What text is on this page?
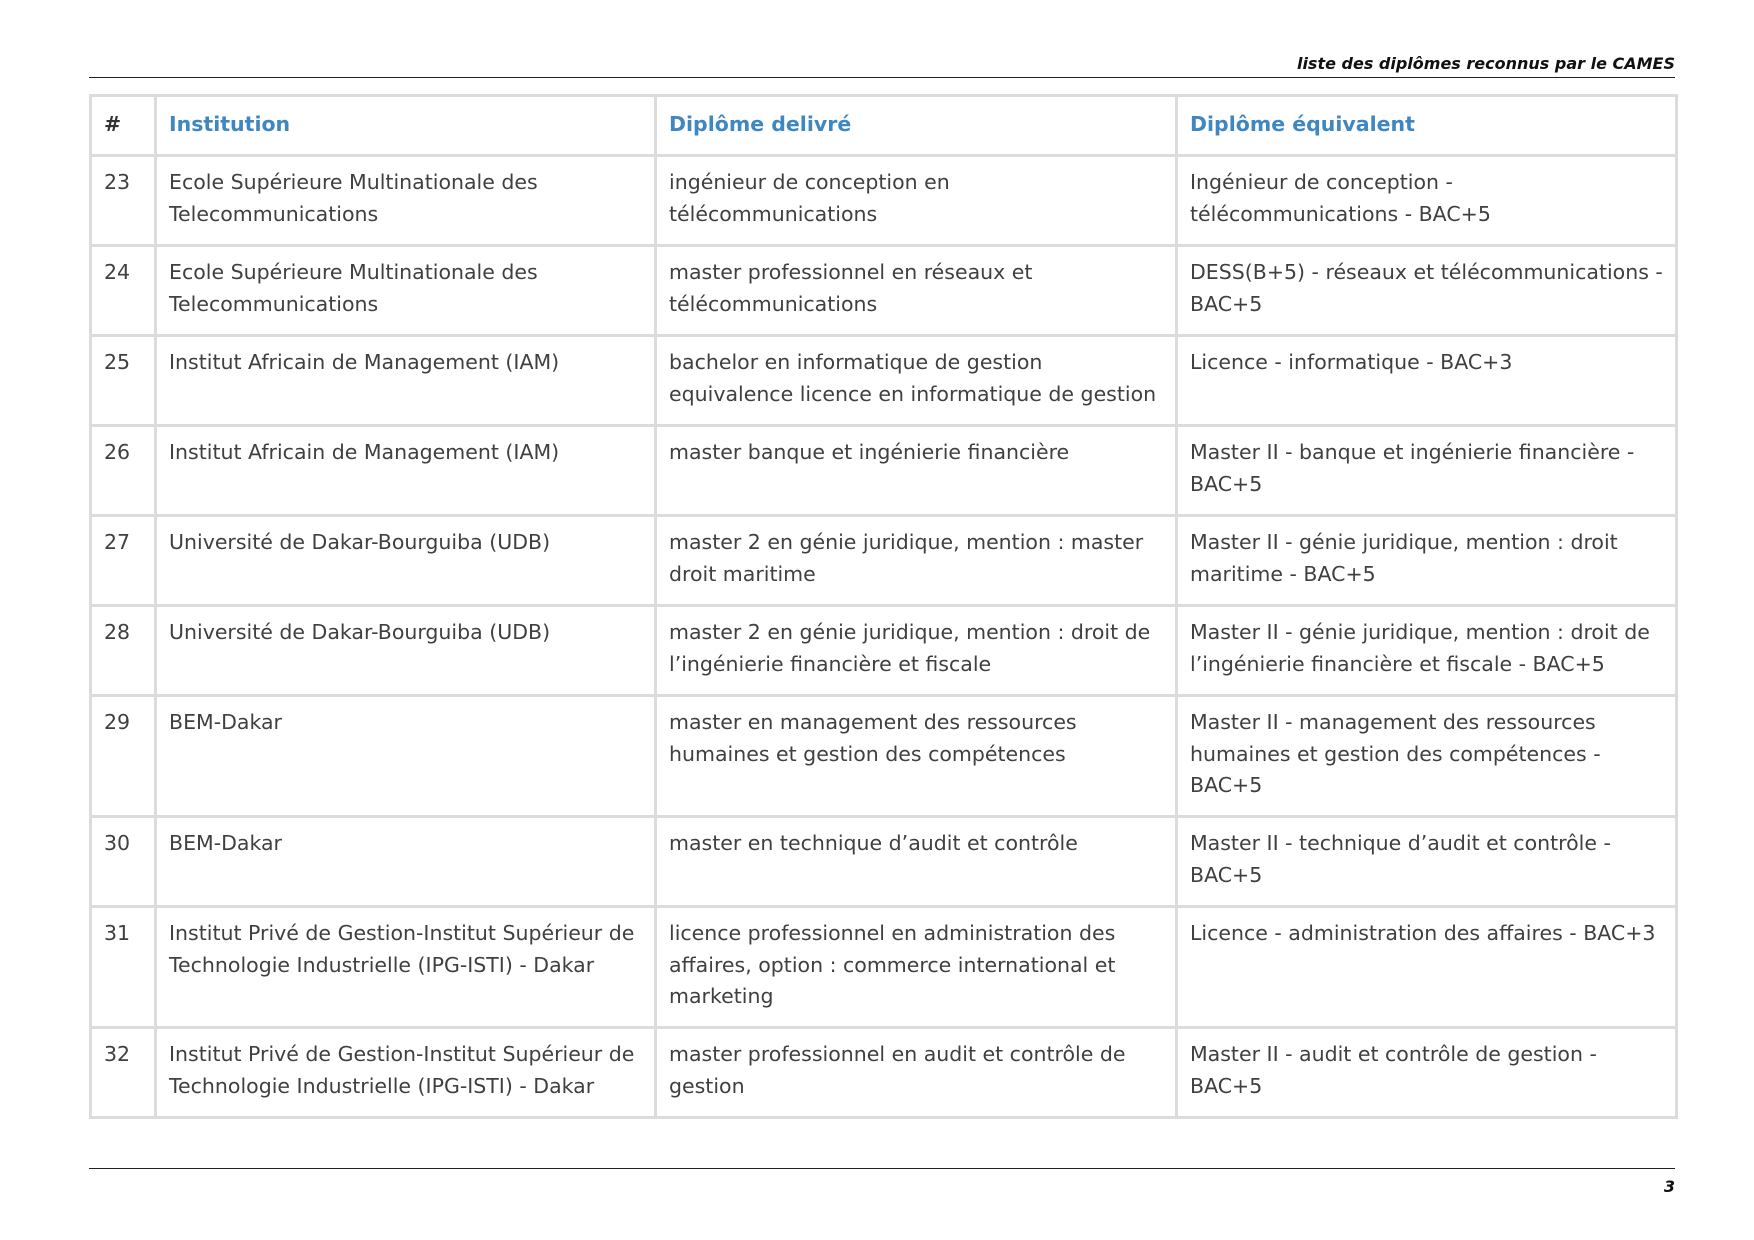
liste des diplômes reconnus par le CAMES
#	Institution	Diplôme delivré	Diplôme équivalent
23	Ecole Supérieure Multinationale des Telecommunications	ingénieur de conception en télécommunications	Ingénieur de conception - télécommunications - BAC+5
24	Ecole Supérieure Multinationale des Telecommunications	master professionnel en réseaux et télécommunications	DESS(B+5) - réseaux et télécommunications - BAC+5
25	Institut Africain de Management (IAM)	bachelor en informatique de gestion equivalence licence en informatique de gestion	Licence - informatique - BAC+3
26	Institut Africain de Management (IAM)	master banque et ingénierie financière	Master II - banque et ingénierie financière - BAC+5
27	Université de Dakar-Bourguiba (UDB)	master 2 en génie juridique, mention : master droit maritime	Master II - génie juridique, mention : droit maritime - BAC+5
28	Université de Dakar-Bourguiba (UDB)	master 2 en génie juridique, mention : droit de l’ingénierie financière et fiscale	Master II - génie juridique, mention : droit de l’ingénierie financière et fiscale - BAC+5
29	BEM-Dakar	master en management des ressources humaines et gestion des compétences	Master II - management des ressources humaines et gestion des compétences - BAC+5
30	BEM-Dakar	master en technique d’audit et contrôle	Master II - technique d’audit et contrôle - BAC+5
31	Institut Privé de Gestion-Institut Supérieur de Technologie Industrielle (IPG-ISTI) - Dakar	licence professionnel en administration des affaires, option : commerce international et marketing	Licence - administration des affaires - BAC+3
32	Institut Privé de Gestion-Institut Supérieur de Technologie Industrielle (IPG-ISTI) - Dakar	master professionnel en audit et contrôle de gestion	Master II - audit et contrôle de gestion - BAC+5
3
